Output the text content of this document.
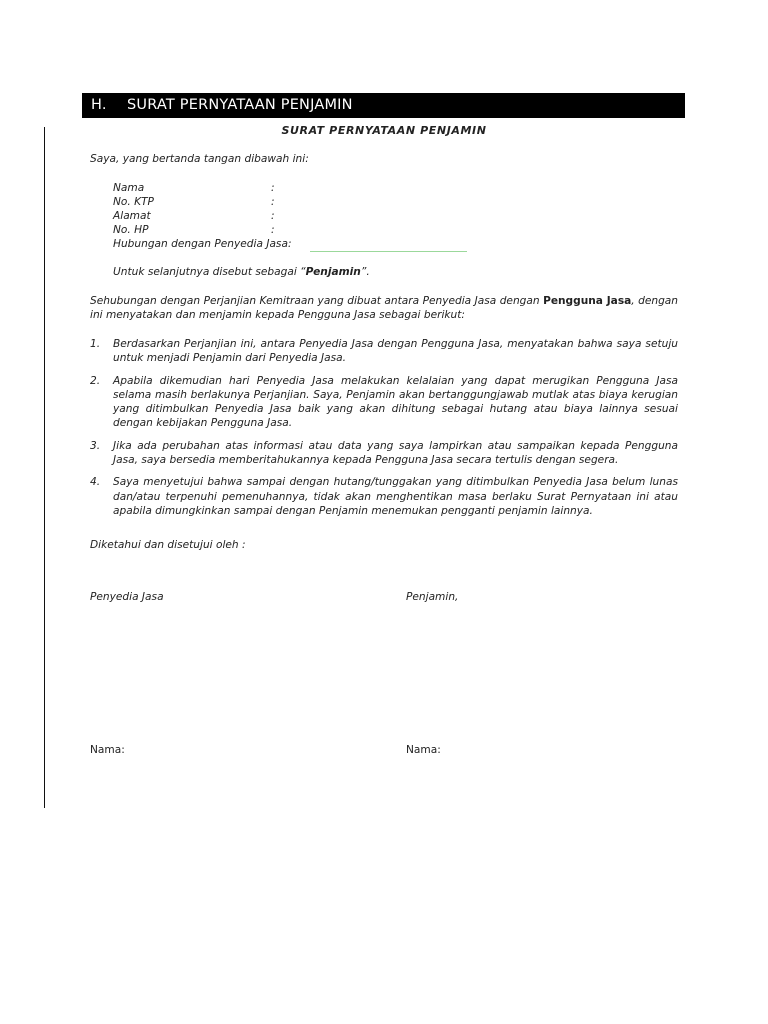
H. SURAT PERNYATAAN PENJAMIN
SURAT PERNYATAAN PENJAMIN
Saya, yang bertanda tangan dibawah ini:
Nama	:
No. KTP	:
Alamat	:
No. HP	:
Hubungan dengan Penyedia Jasa:
Untuk selanjutnya disebut sebagai “Penjamin”.
Sehubungan dengan Perjanjian Kemitraan yang dibuat antara Penyedia Jasa dengan Pengguna Jasa, dengan ini menyatakan dan menjamin kepada Pengguna Jasa sebagai berikut:
1. Berdasarkan Perjanjian ini, antara Penyedia Jasa dengan Pengguna Jasa, menyatakan bahwa saya setuju untuk menjadi Penjamin dari Penyedia Jasa.
2. Apabila dikemudian hari Penyedia Jasa melakukan kelalaian yang dapat merugikan Pengguna Jasa selama masih berlakunya Perjanjian. Saya, Penjamin akan bertanggungjawab mutlak atas biaya kerugian yang ditimbulkan Penyedia Jasa baik yang akan dihitung sebagai hutang atau biaya lainnya sesuai dengan kebijakan Pengguna Jasa.
3. Jika ada perubahan atas informasi atau data yang saya lampirkan atau sampaikan kepada Pengguna Jasa, saya bersedia memberitahukannya kepada Pengguna Jasa secara tertulis dengan segera.
4. Saya menyetujui bahwa sampai dengan hutang/tunggakan yang ditimbulkan Penyedia Jasa belum lunas dan/atau terpenuhi pemenuhannya, tidak akan menghentikan masa berlaku Surat Pernyataan ini atau apabila dimungkinkan sampai dengan Penjamin menemukan pengganti penjamin lainnya.
Diketahui dan disetujui oleh :
Penyedia Jasa	Penjamin,
Nama:	Nama:
